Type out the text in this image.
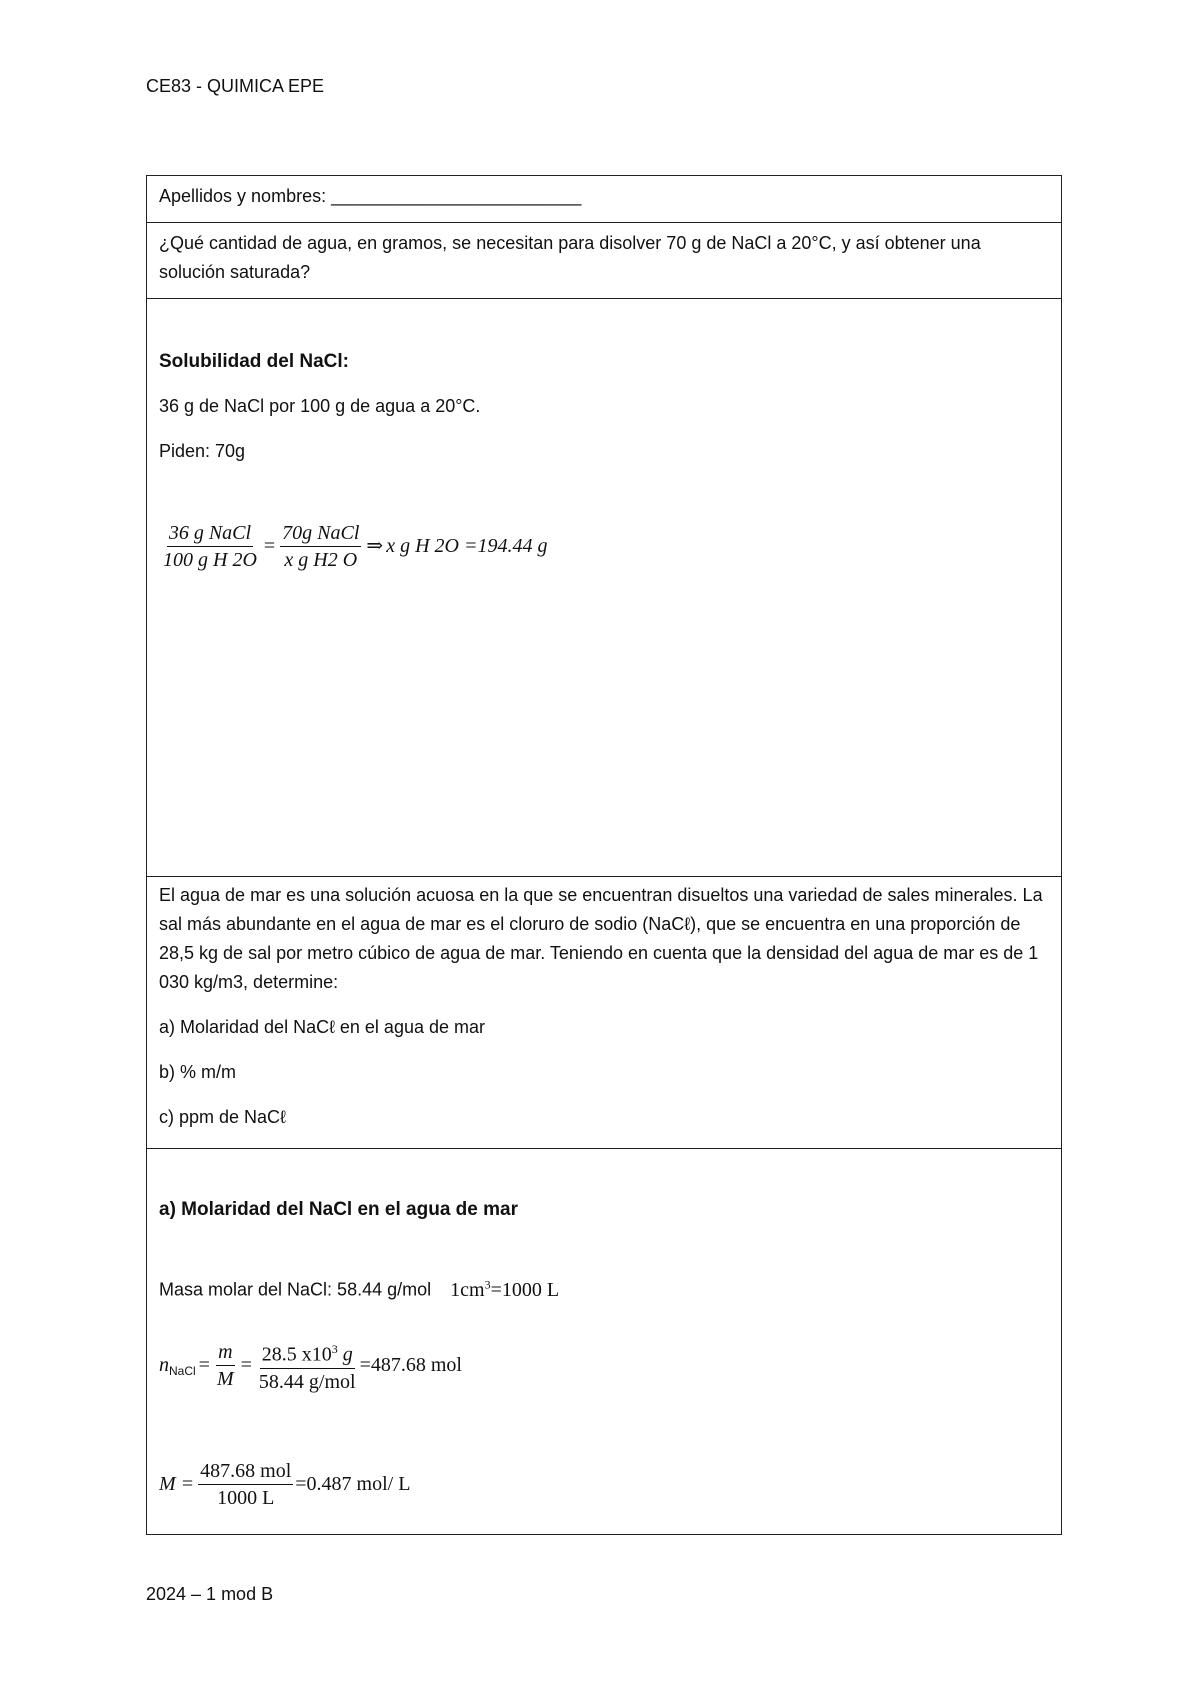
CE83 - QUIMICA EPE
Apellidos y nombres: _________________________

¿Qué cantidad de agua, en gramos, se necesitan para disolver 70 g de NaCl a 20°C, y así obtener una solución saturada?

Solubilidad del NaCl:

36 g de NaCl por 100 g de agua a 20°C.

Piden: 70g

$\frac{\text{36 g NaCl}}{\text{100 g H 2O}} = \frac{\text{70g NaCl}}{\text{x g H2 O}}$ ⇒ x g H 2O =194.44 g

El agua de mar es una solución acuosa en la que se encuentran disueltos una variedad de sales minerales. La sal más abundante en el agua de mar es el cloruro de sodio (NaCℓ), que se encuentra en una proporción de 28,5 kg de sal por metro cúbico de agua de mar. Teniendo en cuenta que la densidad del agua de mar es de 1 030 kg/m3, determine:

a) Molaridad del NaCℓ en el agua de mar

b) % m/m

c) ppm de NaCℓ

a) Molaridad del NaCl en el agua de mar

Masa molar del NaCl: 58.44 g/mol $1cm^3=1000$ L

n NaCl = $\frac{m}{M} = \frac{28.5 x10^3 g}{\text{58.44 g/mol}} =487.68$ mol
$M = \frac{\text{487.68 mol}}{1000 L} =0.487$ mol/ L
2024 – 1 mod B
